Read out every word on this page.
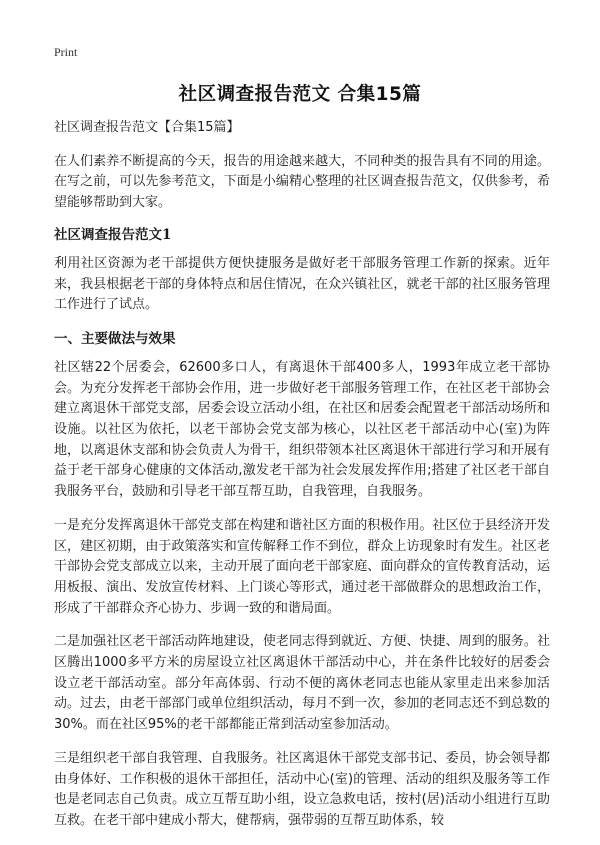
Print
社区调查报告范文 合集15篇

社区调查报告范文【合集15篇】

在人们素养不断提高的今天，报告的用途越来越大，不同种类的报告具有不同的用途。在写之前，可以先参考范文，下面是小编精心整理的社区调查报告范文，仅供参考，希望能够帮助到大家。

社区调查报告范文1

利用社区资源为老干部提供方便快捷服务是做好老干部服务管理工作新的探索。近年来，我县根据老干部的身体特点和居住情况，在众兴镇社区，就老干部的社区服务管理工作进行了试点。

一、主要做法与效果

社区辖22个居委会，62600多口人，有离退休干部400多人，1993年成立老干部协会。为充分发挥老干部协会作用，进一步做好老干部服务管理工作，在社区老干部协会建立离退休干部党支部，居委会设立活动小组，在社区和居委会配置老干部活动场所和设施。以社区为依托，以老干部协会党支部为核心，以社区老干部活动中心(室)为阵地，以离退休支部和协会负责人为骨干，组织带领本社区离退休干部进行学习和开展有益于老干部身心健康的文体活动,激发老干部为社会发展发挥作用;搭建了社区老干部自我服务平台，鼓励和引导老干部互帮互助，自我管理，自我服务。

一是充分发挥离退休干部党支部在构建和谐社区方面的积极作用。社区位于县经济开发区，建区初期，由于政策落实和宣传解释工作不到位，群众上访现象时有发生。社区老干部协会党支部成立以来，主动开展了面向老干部家庭、面向群众的宣传教育活动，运用板报、演出、发放宣传材料、上门谈心等形式，通过老干部做群众的思想政治工作，形成了干部群众齐心协力、步调一致的和谐局面。

二是加强社区老干部活动阵地建设，使老同志得到就近、方便、快捷、周到的服务。社区腾出1000多平方米的房屋设立社区离退休干部活动中心，并在条件比较好的居委会设立老干部活动室。部分年高体弱、行动不便的离休老同志也能从家里走出来参加活动。过去，由老干部部门或单位组织活动，每月不到一次，参加的老同志还不到总数的30%。而在社区95%的老干部都能正常到活动室参加活动。

三是组织老干部自我管理、自我服务。社区离退休干部党支部书记、委员，协会领导都由身体好、工作积极的退休干部担任，活动中心(室)的管理、活动的组织及服务等工作也是老同志自己负责。成立互帮互助小组，设立急救电话，按村(居)活动小组进行互助互救。在老干部中建成小帮大，健帮病，强带弱的互帮互助体系，较
